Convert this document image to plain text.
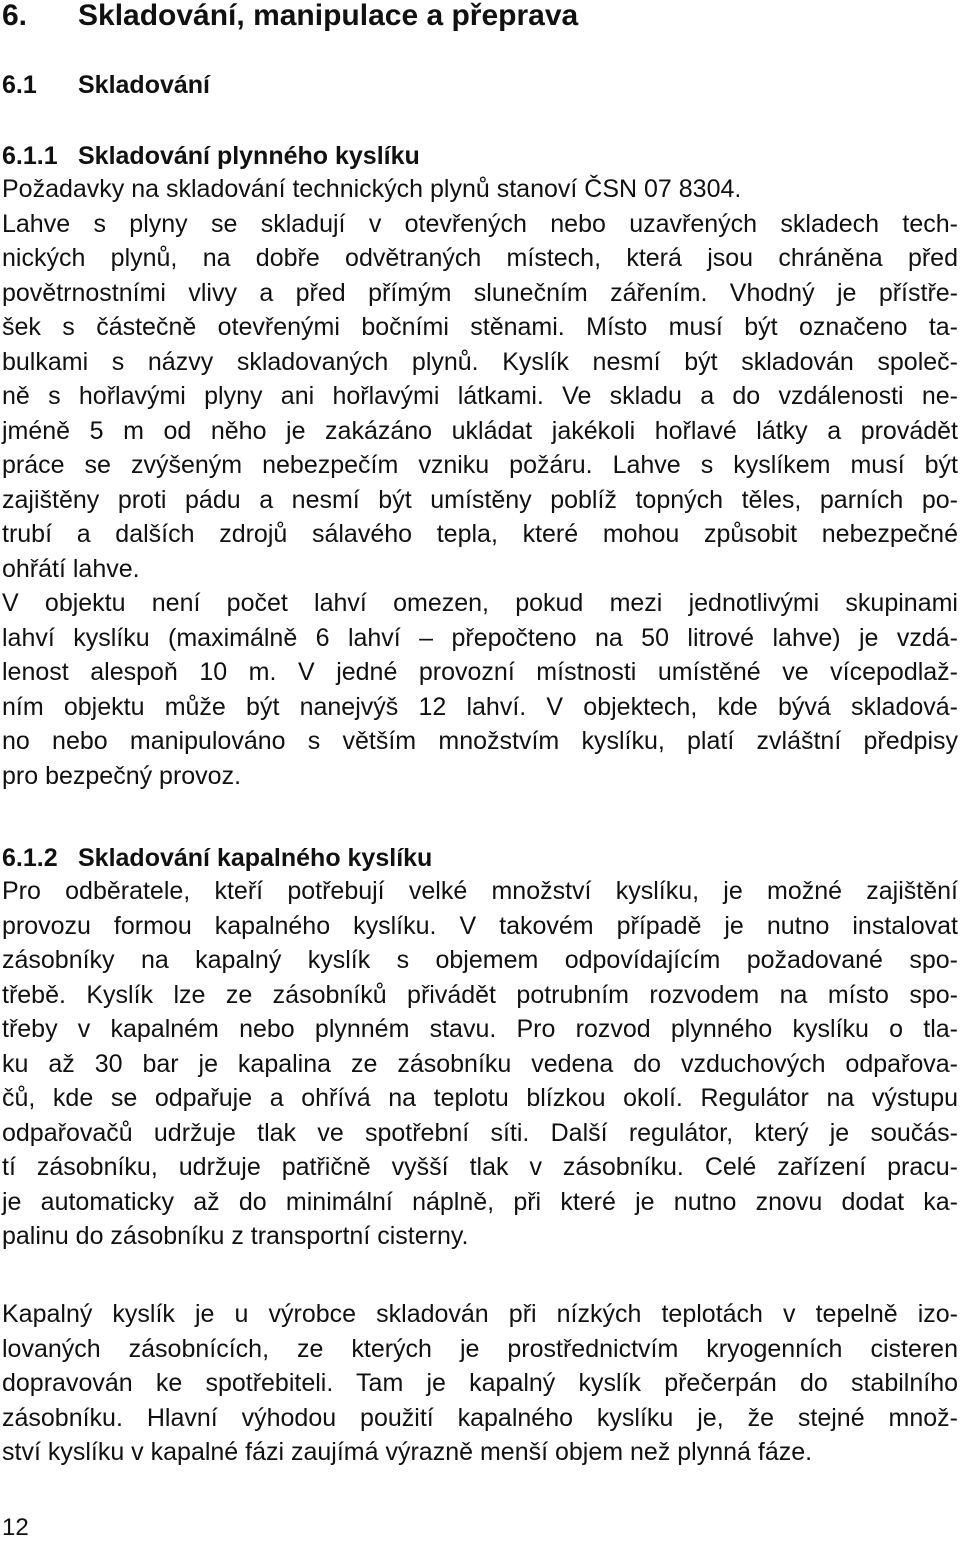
6. Skladování, manipulace a přeprava
6.1 Skladování
6.1.1 Skladování plynného kyslíku
Požadavky na skladování technických plynů stanoví ČSN 07 8304.
Lahve s plyny se skladují v otevřených nebo uzavřených skladech tech-
nických plynů, na dobře odvětraných místech, která jsou chráněna před
povětrnostními vlivy a před přímým slunečním zářením. Vhodný je přístře-
šek s částečně otevřenými bočními stěnami. Místo musí být označeno ta-
bulkami s názvy skladovaných plynů. Kyslík nesmí být skladován společ-
ně s hořlavými plyny ani hořlavými látkami. Ve skladu a do vzdálenosti ne-
jméně 5 m od něho je zakázáno ukládat jakékoli hořlavé látky a provádět
práce se zvýšeným nebezpečím vzniku požáru. Lahve s kyslíkem musí být
zajištěny proti pádu a nesmí být umístěny poblíž topných těles, parních po-
trubí a dalších zdrojů sálavého tepla, které mohou způsobit nebezpečné
ohřátí lahve.
V objektu není počet lahví omezen, pokud mezi jednotlivými skupinami
lahví kyslíku (maximálně 6 lahví – přepočteno na 50 litrové lahve) je vzdá-
lenost alespoň 10 m. V jedné provozní místnosti umístěné ve vícepodlaž-
ním objektu může být nanejvýš 12 lahví. V objektech, kde bývá skladová-
no nebo manipulováno s větším množstvím kyslíku, platí zvláštní předpisy
pro bezpečný provoz.
6.1.2 Skladování kapalného kyslíku
Pro odběratele, kteří potřebují velké množství kyslíku, je možné zajištění
provozu formou kapalného kyslíku. V takovém případě je nutno instalovat
zásobníky na kapalný kyslík s objemem odpovídajícím požadované spo-
třebě. Kyslík lze ze zásobníků přivádět potrubním rozvodem na místo spo-
třeby v kapalném nebo plynném stavu. Pro rozvod plynného kyslíku o tla-
ku až 30 bar je kapalina ze zásobníku vedena do vzduchových odpařova-
čů, kde se odpařuje a ohřívá na teplotu blízkou okolí. Regulátor na výstupu
odpařovačů udržuje tlak ve spotřební síti. Další regulátor, který je součás-
tí zásobníku, udržuje patřičně vyšší tlak v zásobníku. Celé zařízení pracu-
je automaticky až do minimální náplně, při které je nutno znovu dodat ka-
palinu do zásobníku z transportní cisterny.
Kapalný kyslík je u výrobce skladován při nízkých teplotách v tepelně izo-
lovaných zásobnících, ze kterých je prostřednictvím kryogenních cisteren
dopravován ke spotřebiteli. Tam je kapalný kyslík přečerpán do stabilního
zásobníku. Hlavní výhodou použití kapalného kyslíku je, že stejné množ-
ství kyslíku v kapalné fázi zaujímá výrazně menší objem než plynná fáze.
12
